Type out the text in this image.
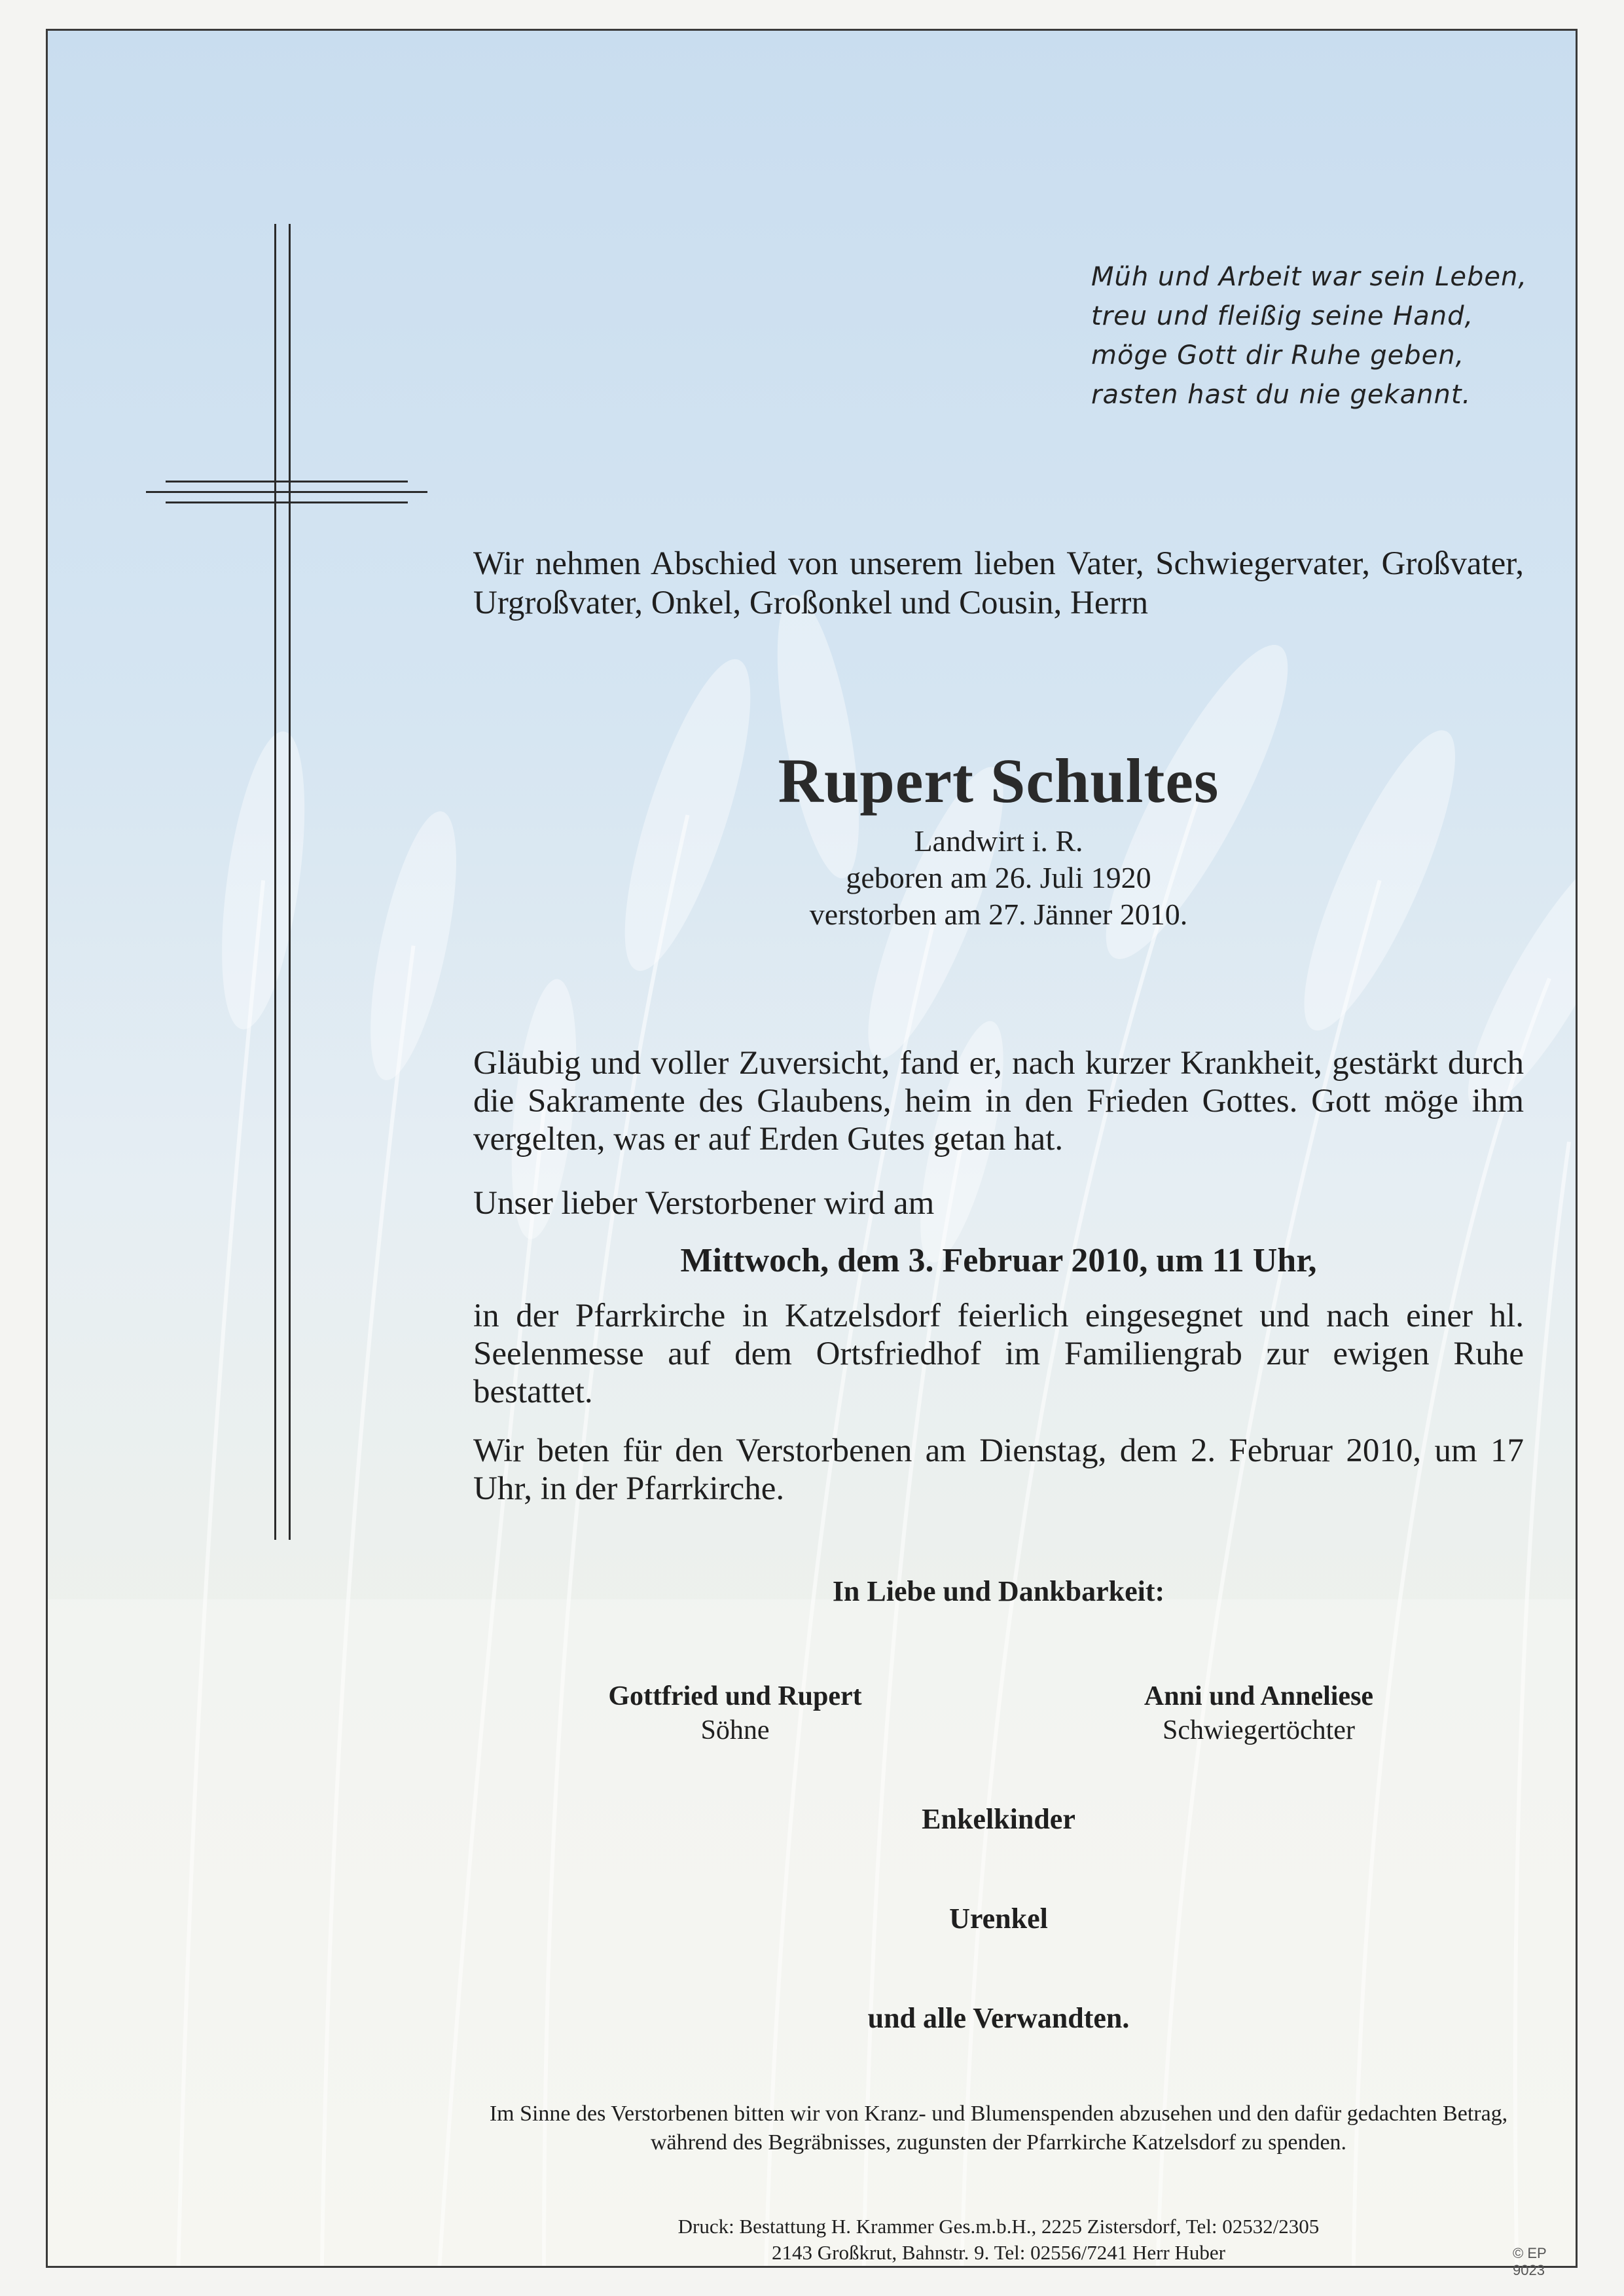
Müh und Arbeit war sein Leben,
treu und fleißig seine Hand,
möge Gott dir Ruhe geben,
rasten hast du nie gekannt.
Wir nehmen Abschied von unserem lieben Vater, Schwiegervater, Großvater, Urgroßvater, Onkel, Großonkel und Cousin, Herrn
Rupert Schultes
Landwirt i. R.
geboren am 26. Juli 1920
verstorben am 27. Jänner 2010.
Gläubig und voller Zuversicht, fand er, nach kurzer Krankheit, gestärkt durch die Sakramente des Glaubens, heim in den Frieden Gottes. Gott möge ihm vergelten, was er auf Erden Gutes getan hat.
Unser lieber Verstorbener wird am
Mittwoch, dem 3. Februar 2010, um 11 Uhr,
in der Pfarrkirche in Katzelsdorf feierlich eingesegnet und nach einer hl. Seelenmesse auf dem Ortsfriedhof im Familiengrab zur ewigen Ruhe bestattet.
Wir beten für den Verstorbenen am Dienstag, dem 2. Februar 2010, um 17 Uhr, in der Pfarrkirche.
In Liebe und Dankbarkeit:
Gottfried und Rupert
Söhne
Anni und Anneliese
Schwiegertöchter
Enkelkinder
Urenkel
und alle Verwandten.
Im Sinne des Verstorbenen bitten wir von Kranz- und Blumenspenden abzusehen und den dafür gedachten Betrag, während des Begräbnisses, zugunsten der Pfarrkirche Katzelsdorf zu spenden.
Druck: Bestattung H. Krammer Ges.m.b.H., 2225 Zistersdorf, Tel: 02532/2305
2143 Großkrut, Bahnstr. 9. Tel: 02556/7241 Herr Huber	© EP 9023
